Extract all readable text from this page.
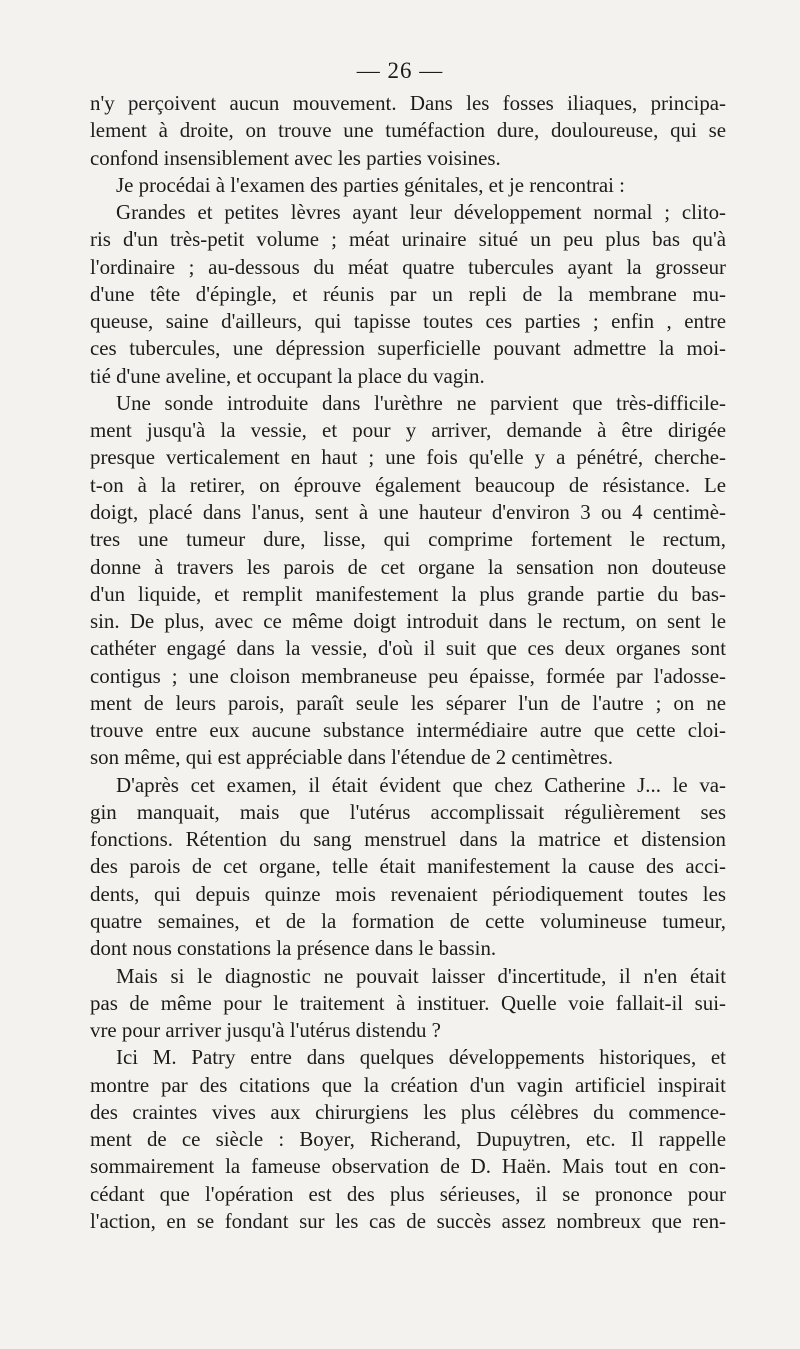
— 26 —
n'y perçoivent aucun mouvement. Dans les fosses iliaques, principa-
lement à droite, on trouve une tuméfaction dure, douloureuse, qui se
confond insensiblement avec les parties voisines.
Je procédai à l'examen des parties génitales, et je rencontrai :
Grandes et petites lèvres ayant leur développement normal ; clito-
ris d'un très-petit volume ; méat urinaire situé un peu plus bas qu'à
l'ordinaire ; au-dessous du méat quatre tubercules ayant la grosseur
d'une tête d'épingle, et réunis par un repli de la membrane mu-
queuse, saine d'ailleurs, qui tapisse toutes ces parties ; enfin , entre
ces tubercules, une dépression superficielle pouvant admettre la moi-
tié d'une aveline, et occupant la place du vagin.
Une sonde introduite dans l'urèthre ne parvient que très-difficile-
ment jusqu'à la vessie, et pour y arriver, demande à être dirigée
presque verticalement en haut ; une fois qu'elle y a pénétré, cherche-
t-on à la retirer, on éprouve également beaucoup de résistance. Le
doigt, placé dans l'anus, sent à une hauteur d'environ 3 ou 4 centimè-
tres une tumeur dure, lisse, qui comprime fortement le rectum,
donne à travers les parois de cet organe la sensation non douteuse
d'un liquide, et remplit manifestement la plus grande partie du bas-
sin. De plus, avec ce même doigt introduit dans le rectum, on sent le
cathéter engagé dans la vessie, d'où il suit que ces deux organes sont
contigus ; une cloison membraneuse peu épaisse, formée par l'adosse-
ment de leurs parois, paraît seule les séparer l'un de l'autre ; on ne
trouve entre eux aucune substance intermédiaire autre que cette cloi-
son même, qui est appréciable dans l'étendue de 2 centimètres.
D'après cet examen, il était évident que chez Catherine J... le va-
gin manquait, mais que l'utérus accomplissait régulièrement ses
fonctions. Rétention du sang menstruel dans la matrice et distension
des parois de cet organe, telle était manifestement la cause des acci-
dents, qui depuis quinze mois revenaient périodiquement toutes les
quatre semaines, et de la formation de cette volumineuse tumeur,
dont nous constations la présence dans le bassin.
Mais si le diagnostic ne pouvait laisser d'incertitude, il n'en était
pas de même pour le traitement à instituer. Quelle voie fallait-il sui-
vre pour arriver jusqu'à l'utérus distendu ?
Ici M. Patry entre dans quelques développements historiques, et
montre par des citations que la création d'un vagin artificiel inspirait
des craintes vives aux chirurgiens les plus célèbres du commence-
ment de ce siècle : Boyer, Richerand, Dupuytren, etc. Il rappelle
sommairement la fameuse observation de D. Haën. Mais tout en con-
cédant que l'opération est des plus sérieuses, il se prononce pour
l'action, en se fondant sur les cas de succès assez nombreux que ren-
